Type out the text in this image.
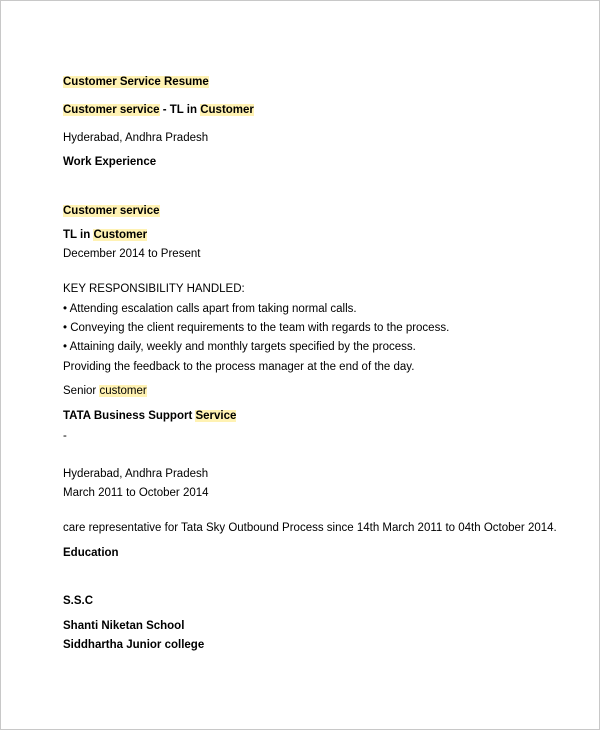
Customer Service Resume
Customer service - TL in Customer
Hyderabad, Andhra Pradesh
Work Experience
Customer service
TL in Customer
December 2014 to Present
KEY RESPONSIBILITY HANDLED:
• Attending escalation calls apart from taking normal calls.
• Conveying the client requirements to the team with regards to the process.
• Attaining daily, weekly and monthly targets specified by the process.
Providing the feedback to the process manager at the end of the day.
Senior customer
TATA Business Support Service
-
Hyderabad, Andhra Pradesh
March 2011 to October 2014
care representative for Tata Sky Outbound Process since 14th March 2011 to 04th October 2014.
Education
S.S.C
Shanti Niketan School
Siddhartha Junior college
